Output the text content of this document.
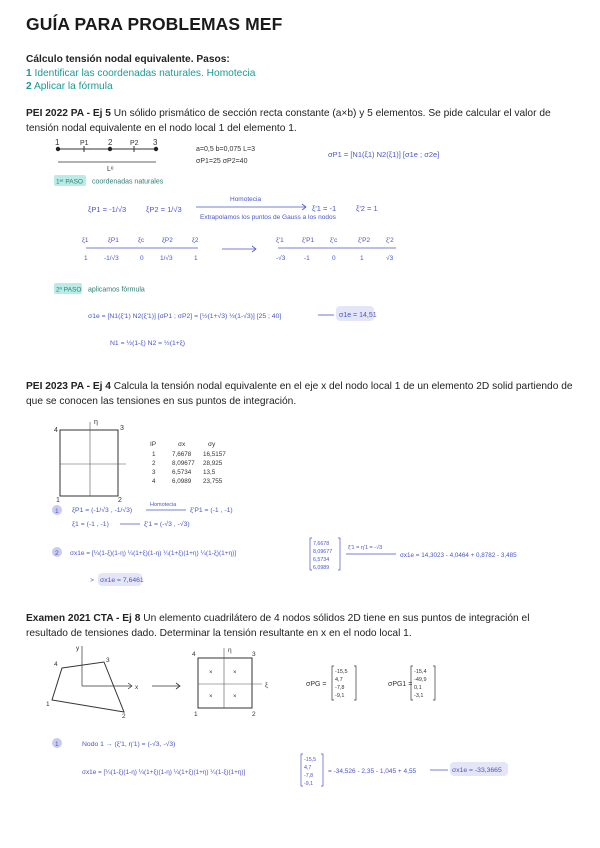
GUÍA PARA PROBLEMAS MEF
Cálculo tensión nodal equivalente. Pasos:
1 Identificar las coordenadas naturales. Homotecia
2 Aplicar la fórmula
PEI 2022 PA - Ej 5 Un sólido prismático de sección recta constante (a×b) y 5 elementos. Se pide calcular el valor de tensión nodal equivalente en el nodo local 1 del elemento 1.
1	P1 2	P2 3
Lᵉ
a=0,5 b=0,075 L=3
σP1=25 σP2=40
σP1 = [N1(ξ1) N2(ξ1)] [σ1e ; σ2e]
1ᵉʳ PASO coordenadas naturales
ξP1 = -1/√3	ξP2 = 1/√3
Homotecia
Extrapolamos los puntos de Gauss a los nodos
ξ'1 = -1	ξ'2 = 1
ξ1	ξP1	ξc	ξP2	ξ2
1	-1/√3	0	1/√3	1
ξ'1	ξ'P1 ξ'c	ξ'P2 ξ'2
-√3	-1	0	1	√3
2º PASO aplicamos fórmula
σ1e = [N1(ξ'1) N2(ξ'1)] [σP1 ; σP2] = [½(1+√3) ½(1-√3)] [25 ; 40]	σ1e = 14,51
N1 = ½(1-ξ) N2 = ½(1+ξ)
PEI 2023 PA - Ej 4 Calcula la tensión nodal equivalente en el eje x del nodo local 1 de un elemento 2D solid partiendo de que se conocen las tensiones en sus puntos de integración.
4	3
1	2
η
IP	σx	σy
1	7,6678 16,5157
2	8,09677 28,925
3	6,5734 13,5
4	6,0989 23,755
1 ξP1 = (-1/√3 , -1/√3)
Homotecia
ξ'P1 = (-1 , -1)
ξ1 = (-1 , -1)	ξ'1 = (-√3 , -√3)
2 σx1e = [¼(1-ξ)(1-η) ¼(1+ξ)(1-η) ¼(1+ξ)(1+η) ¼(1-ξ)(1+η)]
7,6678
8,09677
6,5734
6,0989
ξ'1 = η'1 = -√3
σx1e = 14,3023 - 4,0464 + 0,8782 - 3,485
> σx1e = 7,6461
Examen 2021 CTA - Ej 8 Un elemento cuadrilátero de 4 nodos sólidos 2D tiene en sus puntos de integración el resultado de tensiones dado. Determinar la tensión resultante en x en el nodo local 1.
y
x
4
3
1
2
η
ξ
4	3
1	2
×	×
×	×
σPG =
-15,5
4,7
-7,8
-9,1
σPG1 =
-15,4
-49,9
0,1
-3,1
1	Nodo 1 → (ξ'1, η'1) = (-√3, -√3)
σx1e = [¼(1-ξ)(1-η) ¼(1+ξ)(1-η) ¼(1+ξ)(1+η) ¼(1-ξ)(1+η)]
-15,5
4,7
-7,8
-9,1
= -34,526 - 2,35 - 1,045 + 4,55	σx1e = -33,3665
